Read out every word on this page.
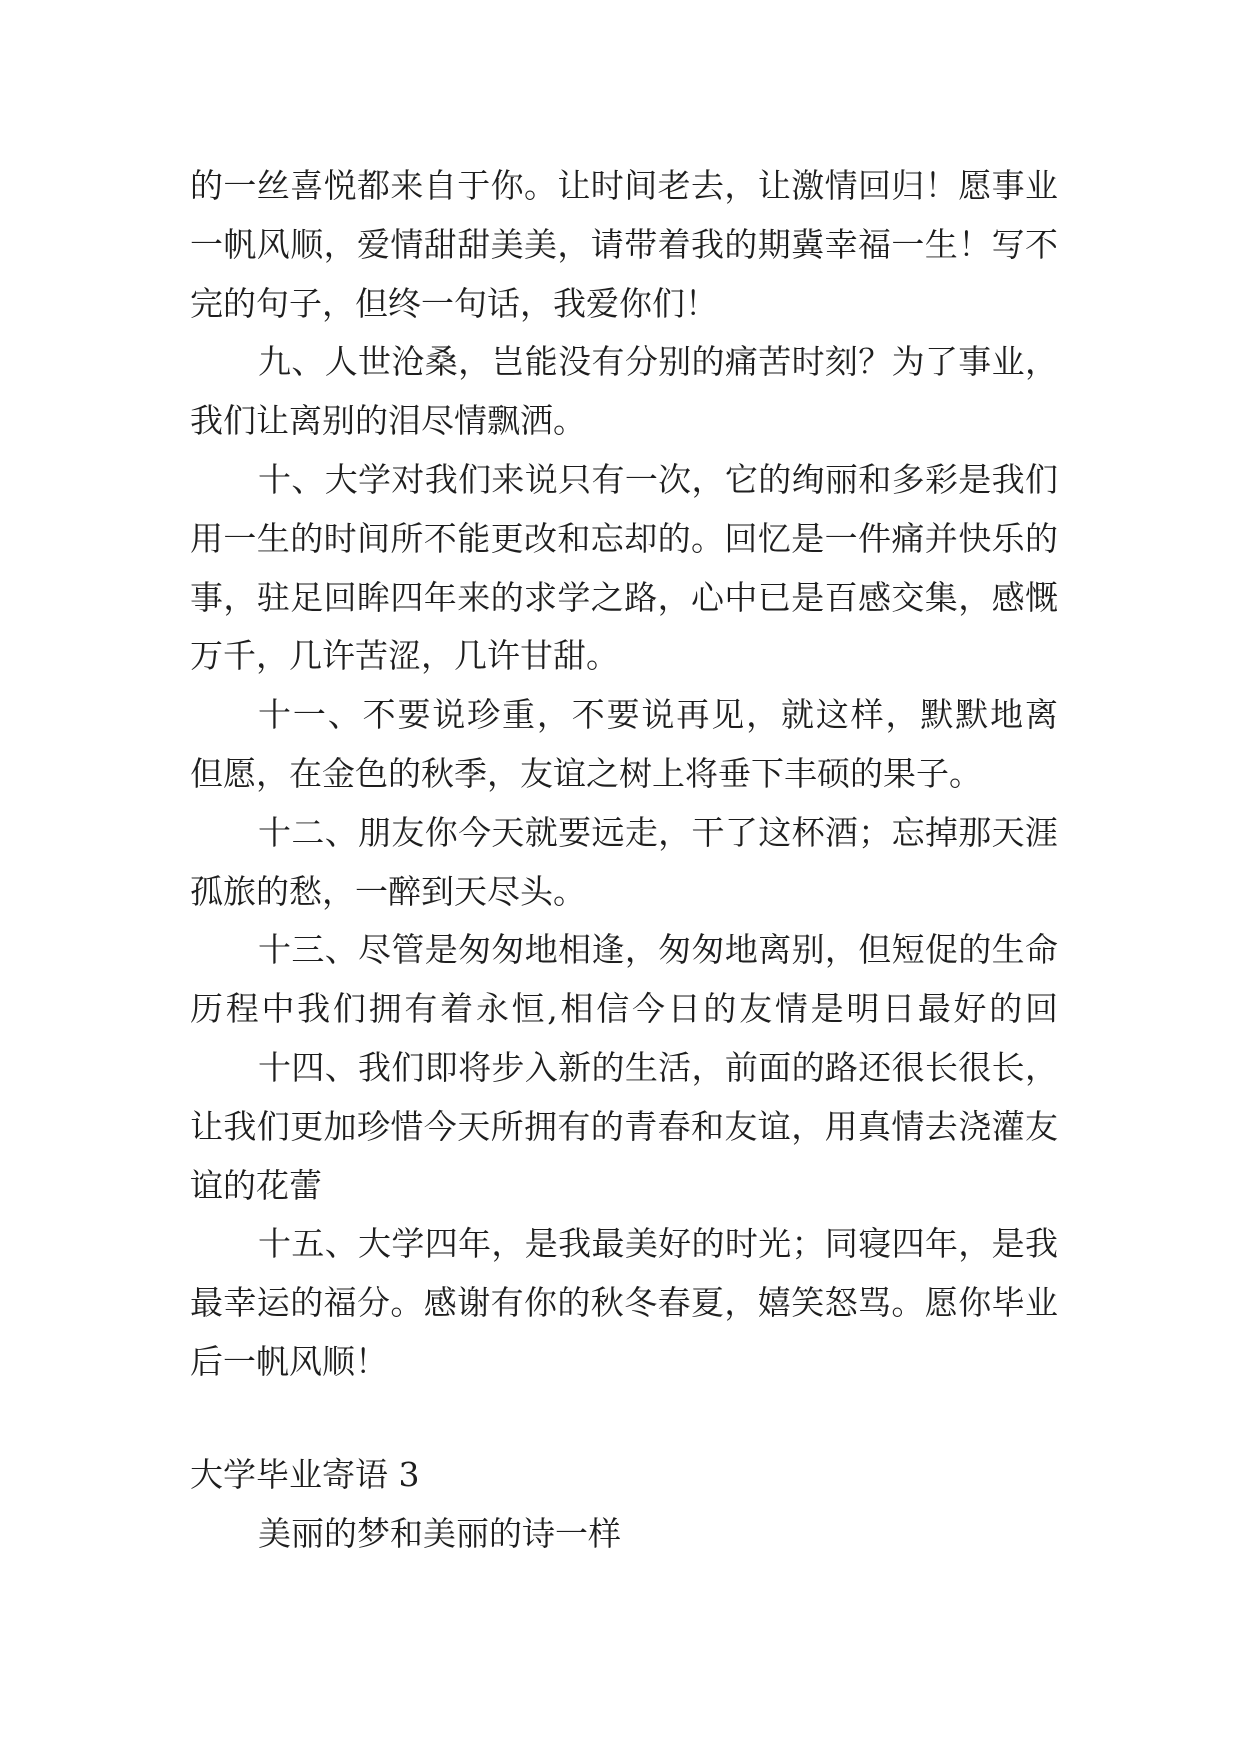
的一丝喜悦都来自于你。让时间老去，让激情回归！愿事业
一帆风顺，爱情甜甜美美，请带着我的期冀幸福一生！写不
完的句子，但终一句话，我爱你们！
九、人世沧桑，岂能没有分别的痛苦时刻？为了事业，
我们让离别的泪尽情飘洒。
十、大学对我们来说只有一次，它的绚丽和多彩是我们
用一生的时间所不能更改和忘却的。回忆是一件痛并快乐的
事，驻足回眸四年来的求学之路，心中已是百感交集，感慨
万千，几许苦涩，几许甘甜。
十一、不要说珍重，不要说再见，就这样，默默地离
但愿，在金色的秋季，友谊之树上将垂下丰硕的果子。
十二、朋友你今天就要远走，干了这杯酒；忘掉那天涯
孤旅的愁，一醉到天尽头。
十三、尽管是匆匆地相逢，匆匆地离别，但短促的生命
历程中我们拥有着永恒,相信今日的友情是明日最好的回
十四、我们即将步入新的生活，前面的路还很长很长，
让我们更加珍惜今天所拥有的青春和友谊，用真情去浇灌友
谊的花蕾
十五、大学四年，是我最美好的时光；同寝四年，是我
最幸运的福分。感谢有你的秋冬春夏，嬉笑怒骂。愿你毕业
后一帆风顺！
大学毕业寄语 3
美丽的梦和美丽的诗一样
